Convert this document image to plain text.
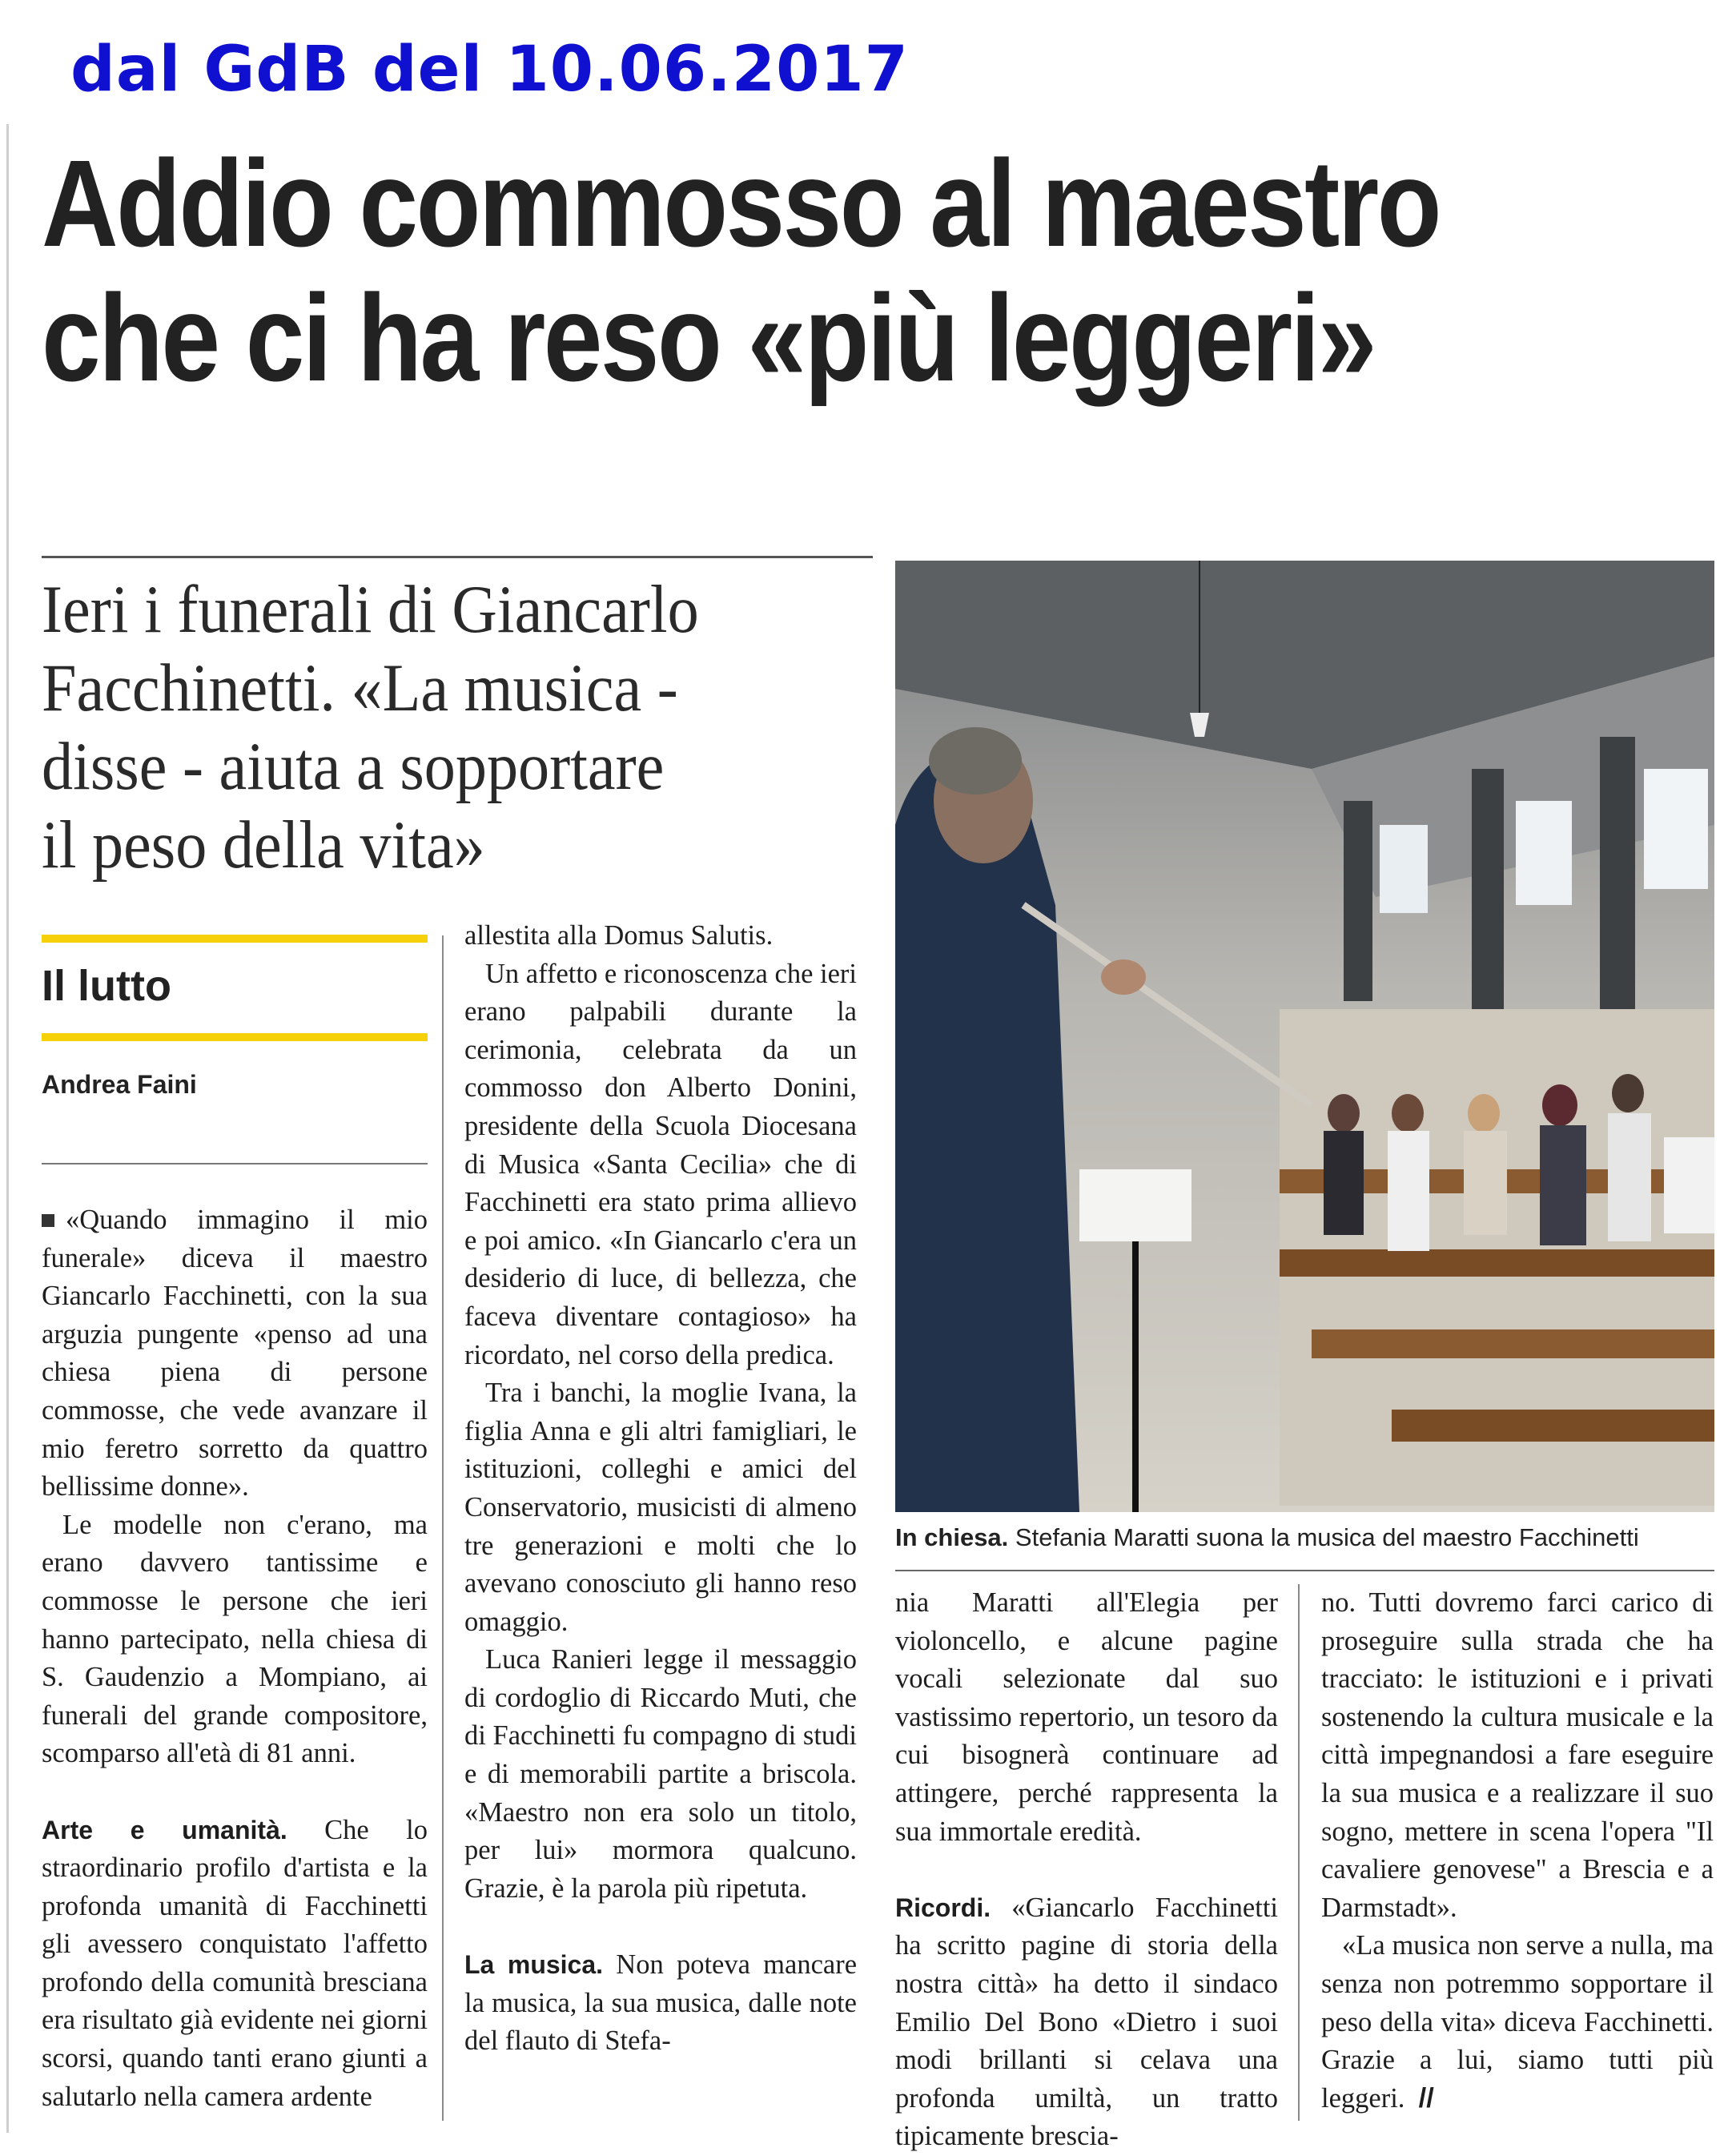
dal GdB del 10.06.2017
Addio commosso al maestro
che ci ha reso «più leggeri»
Ieri i funerali di Giancarlo
Facchinetti. «La musica -
disse - aiuta a sopportare
il peso della vita»
Il lutto
Andrea Faini

«Quando immagino il mio funerale» diceva il maestro Giancarlo Facchinetti, con la sua arguzia pungente «penso ad una chiesa piena di persone commosse, che vede avanzare il mio feretro sorretto da quattro bellissime donne».

Le modelle non c'erano, ma erano davvero tantissime e commosse le persone che ieri hanno partecipato, nella chiesa di S. Gaudenzio a Mompiano, ai funerali del grande compositore, scomparso all'età di 81 anni.

Arte e umanità. Che lo straordinario profilo d'artista e la profonda umanità di Facchinetti gli avessero conquistato l'affetto profondo della comunità bresciana era risultato già evidente nei giorni scorsi, quando tanti erano giunti a salutarlo nella camera ardente

allestita alla Domus Salutis.

Un affetto e riconoscenza che ieri erano palpabili durante la cerimonia, celebrata da un commosso don Alberto Donini, presidente della Scuola Diocesana di Musica «Santa Cecilia» che di Facchinetti era stato prima allievo e poi amico. «In Giancarlo c'era un desiderio di luce, di bellezza, che faceva diventare contagioso» ha ricordato, nel corso della predica.

Tra i banchi, la moglie Ivana, la figlia Anna e gli altri famigliari, le istituzioni, colleghi e amici del Conservatorio, musicisti di almeno tre generazioni e molti che lo avevano conosciuto gli hanno reso omaggio.

Luca Ranieri legge il messaggio di cordoglio di Riccardo Muti, che di Facchinetti fu compagno di studi e di memorabili partite a briscola. «Maestro non era solo un titolo, per lui» mormora qualcuno. Grazie, è la parola più ripetuta.

La musica. Non poteva mancare la musica, la sua musica, dalle note del flauto di Stefa-

In chiesa. Stefania Maratti suona la musica del maestro Facchinetti

nia Maratti all'Elegia per violoncello, e alcune pagine vocali selezionate dal suo vastissimo repertorio, un tesoro da cui bisognerà continuare ad attingere, perché rappresenta la sua immortale eredità.

Ricordi. «Giancarlo Facchinetti ha scritto pagine di storia della nostra città» ha detto il sindaco Emilio Del Bono «Dietro i suoi modi brillanti si celava una profonda umiltà, un tratto tipicamente brescia-

no. Tutti dovremo farci carico di proseguire sulla strada che ha tracciato: le istituzioni e i privati sostenendo la cultura musicale e la città impegnandosi a fare eseguire la sua musica e a realizzare il suo sogno, mettere in scena l'opera "Il cavaliere genovese" a Brescia e a Darmstadt».

«La musica non serve a nulla, ma senza non potremmo sopportare il peso della vita» diceva Facchinetti. Grazie a lui, siamo tutti più leggeri. //
